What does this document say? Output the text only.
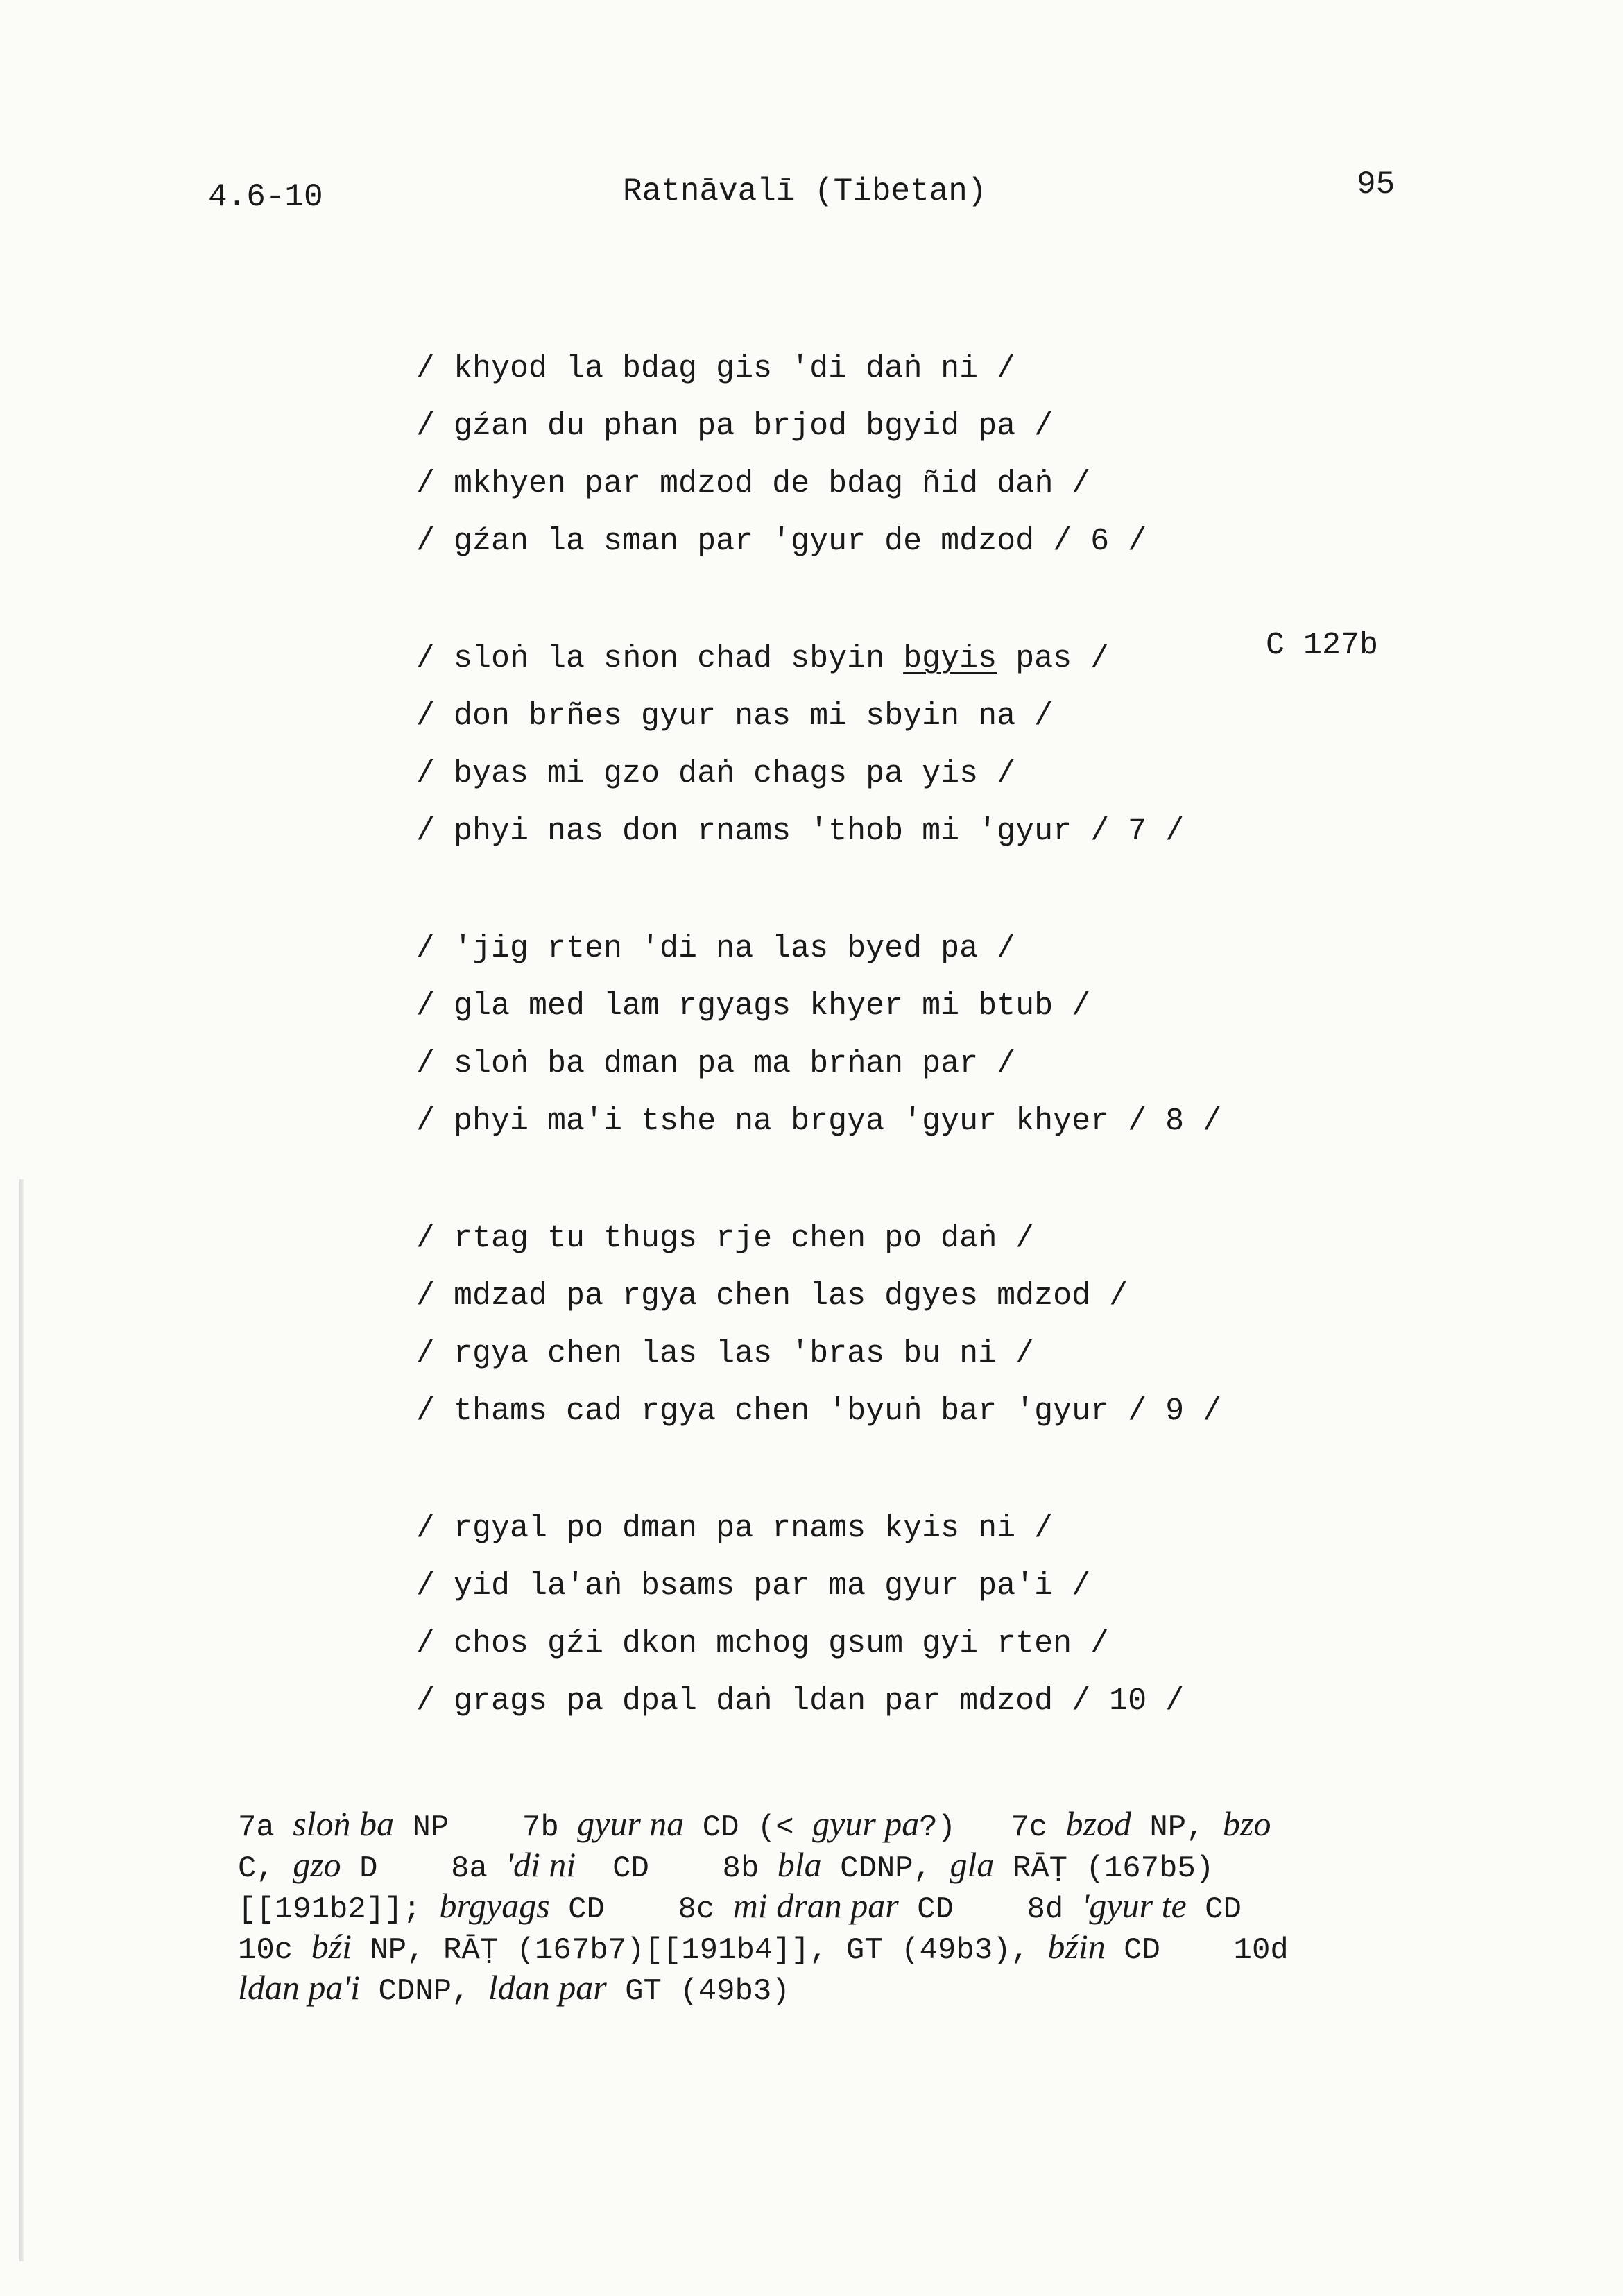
4.6-10	Ratnāvalī (Tibetan)	95
C 127b
/ khyod la bdag gis 'di daṅ ni /
/ gźan du phan pa brjod bgyid pa /
/ mkhyen par mdzod de bdag ñid daṅ /
/ gźan la sman par 'gyur de mdzod / 6 /
/ sloṅ la sṅon chad sbyin bgyis pas /
/ don brñes gyur nas mi sbyin na /
/ byas mi gzo daṅ chags pa yis /
/ phyi nas don rnams 'thob mi 'gyur / 7 /
/ 'jig rten 'di na las byed pa /
/ gla med lam rgyags khyer mi btub /
/ sloṅ ba dman pa ma brṅan par /
/ phyi ma'i tshe na brgya 'gyur khyer / 8 /
/ rtag tu thugs rje chen po daṅ /
/ mdzad pa rgya chen las dgyes mdzod /
/ rgya chen las las 'bras bu ni /
/ thams cad rgya chen 'byuṅ bar 'gyur / 9 /
/ rgyal po dman pa rnams kyis ni /
/ yid la'aṅ bsams par ma gyur pa'i /
/ chos gźi dkon mchog gsum gyi rten /
/ grags pa dpal daṅ ldan par mdzod / 10 /
7a sloṅ ba NP    7b gyur na CD (< gyur pa?)   7c bzod NP, bzo
C, gzo D    8a 'di ni  CD    8b bla CDNP, gla RĀṬ (167b5)
[[191b2]]; brgyags CD    8c mi dran par CD    8d 'gyur te CD
10c bźi NP, RĀṬ (167b7)[[191b4]], GT (49b3), bźin CD    10d
ldan pa'i CDNP, ldan par GT (49b3)
